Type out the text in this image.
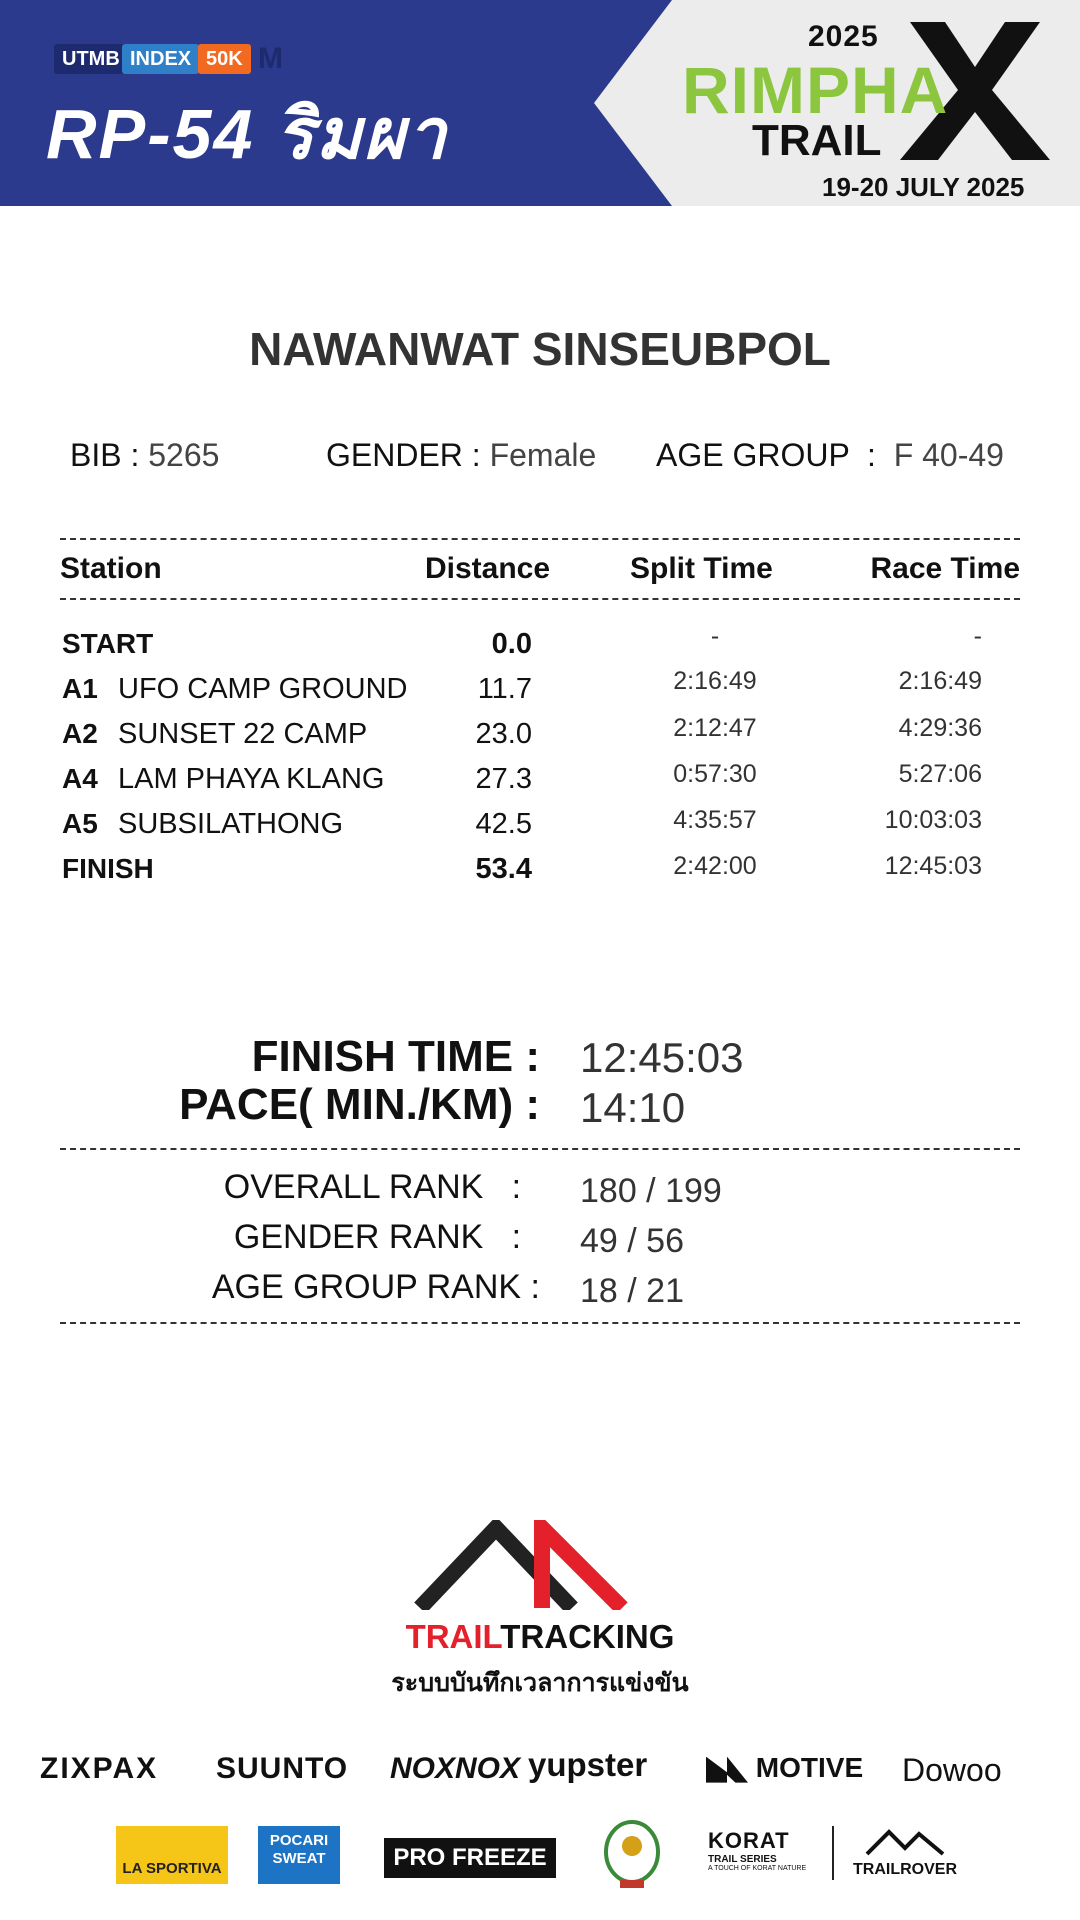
UTMB INDEX 50K M
RP-54 ริมผา
2025
RIMPHA
TRAIL
19-20 JULY 2025
NAWANWAT SINSEUBPOL
BIB : 5265	GENDER : Female AGE GROUP : F 40-49
Station	Distance	Split Time	Race Time
START	0.0	-	-
A1 UFO CAMP GROUND 11.7	2:16:49	2:16:49
A2 SUNSET 22 CAMP	23.0	2:12:47	4:29:36
A4 LAM PHAYA KLANG	27.3	0:57:30	5:27:06
A5 SUBSILATHONG	42.5	4:35:57	10:03:03
FINISH	53.4	2:42:00	12:45:03
FINISH TIME : 12:45:03
PACE( MIN./KM) : 14:10
OVERALL RANK :	180 / 199
GENDER RANK :	49 / 56
AGE GROUP RANK : 18 / 21
TRAILTRACKING
ระบบบันทึกเวลาการแข่งขัน
ZIXPAX SUUNTO NOXNOX yupster	MOTIVE Dowoo
LA SPORTIVA
POCARI SWEAT	PRO FREEZE
KORAT
TRAIL SERIES
A TOUCH OF KORAT NATURE	TRAILROVER
